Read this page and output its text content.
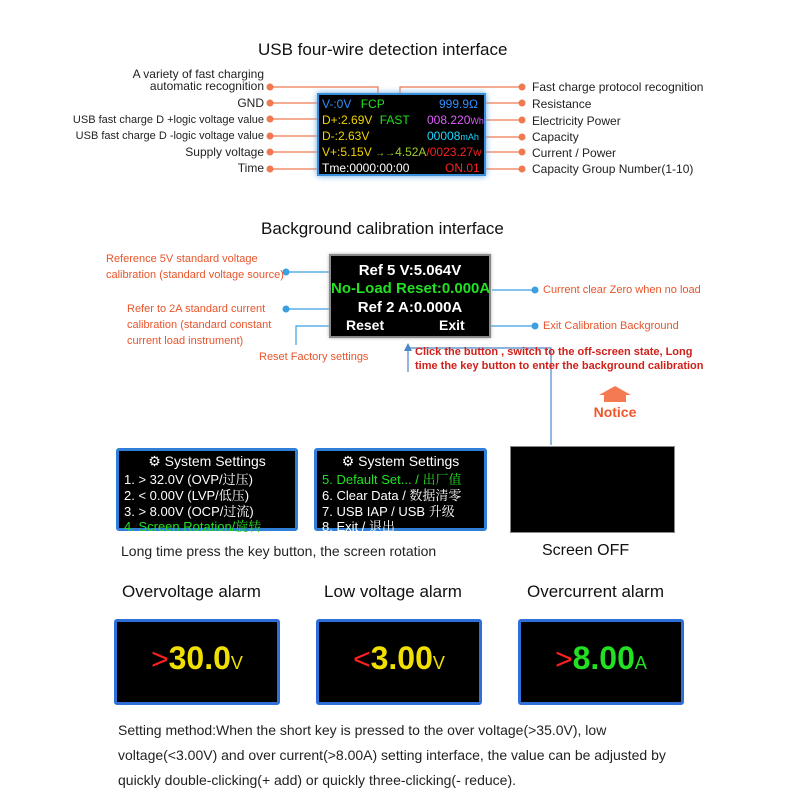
USB four-wire detection interface
A variety of fast charging
automatic recognition
GND
USB fast charge D +logic voltage value
USB fast charge D -logic voltage value
Supply voltage
Time
Fast charge protocol recognition
Resistance
Electricity Power
Capacity
Current / Power
Capacity Group Number(1-10)
V-:0V FCP	999.9Ω
D+:2.69V FAST 008.220Wh
D-:2.63V	00008mAh
V+:5.15V →→4.52A/0023.27W
Tme:0000:00:00	ON.01
Background calibration interface
Reference 5V standard voltage
calibration (standard voltage source)
Refer to 2A standard current
calibration (standard constant
current load instrument)
Reset Factory settings
Current clear Zero when no load
Exit Calibration Background
Click the button , switch to the off-screen state, Long
time the key button to enter the background calibration
Ref 5 V:5.064V
No-Load Reset:0.000A
Ref 2 A:0.000A
Reset	Exit
Notice
⚙ System Settings
1. > 32.0V (OVP/过压)
2. < 0.00V (LVP/低压)
3. > 8.00V (OCP/过流)
4. Screen Rotation/旋转
⚙ System Settings
5. Default Set... / 出厂值
6. Clear Data / 数据清零
7. USB IAP / USB 升级
8. Exit / 退出
Long time press the key button, the screen rotation	Screen OFF
Overvoltage alarm	Low voltage alarm	Overcurrent alarm
>30.0V	<3.00V	>8.00A
Setting method:When the short key is pressed to the over voltage(>35.0V), low voltage(<3.00V) and over current(>8.00A) setting interface, the value can be adjusted by quickly double-clicking(+ add) or quickly three-clicking(- reduce).
